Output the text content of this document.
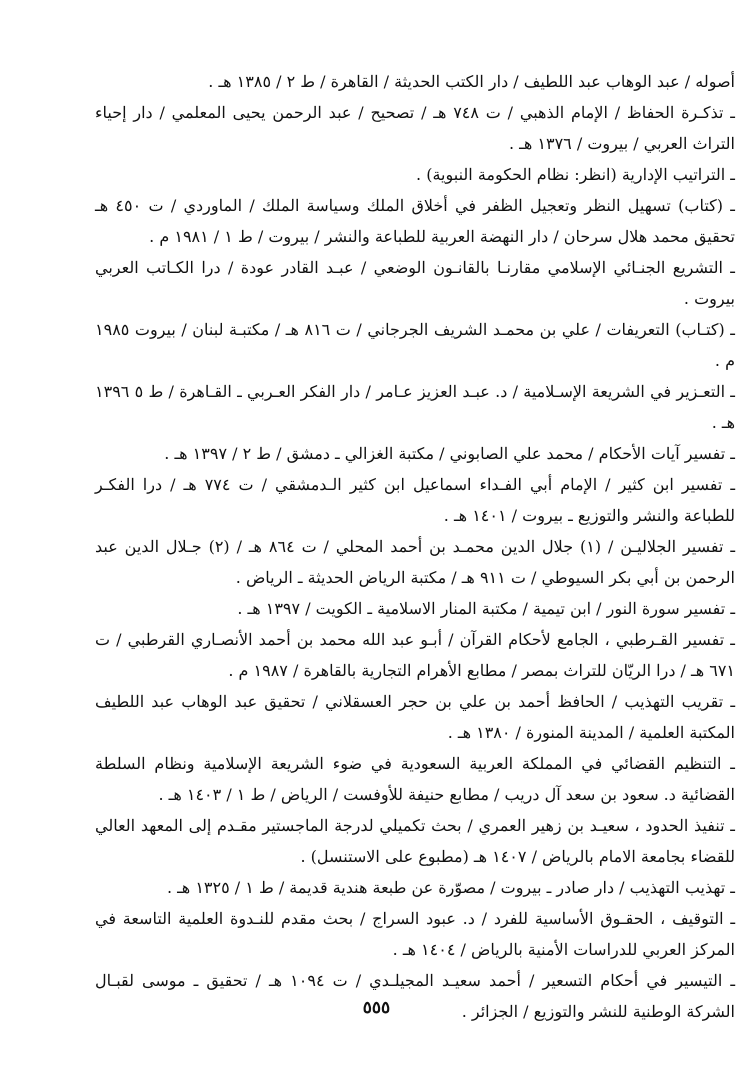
أصوله / عبد الوهاب عبد اللطيف / دار الكتب الحديثة / القاهرة / ط ٢ / ١٣٨٥ هـ .

ـ تذكـرة الحفاظ / الإمام الذهبي / ت ٧٤٨ هـ / تصحيح / عبد الرحمن يحيى المعلمي / دار إحياء التراث العربي / بيروت / ١٣٧٦ هـ .

ـ التراتيب الإدارية (انظر: نظام الحكومة النبوية) .

ـ (كتاب) تسهيل النظر وتعجيل الظفر في أخلاق الملك وسياسة الملك / الماوردي / ت ٤٥٠ هـ تحقيق محمد هلال سرحان / دار النهضة العربية للطباعة والنشر / بيروت / ط ١ / ١٩٨١ م .

ـ التشريع الجنـائي الإسلامي مقارنـا بالقانـون الوضعي / عبـد القادر عودة / درا الكـاتب العربي بيروت .

ـ (كتـاب) التعريفات / علي بن محمـد الشريف الجرجاني / ت ٨١٦ هـ / مكتبـة لبنان / بيروت ١٩٨٥ م .

ـ التعـزير في الشريعة الإسـلامية / د. عبـد العزيز عـامر / دار الفكر العـربي ـ القـاهرة / ط ٥ ١٣٩٦ هـ .

ـ تفسير آيات الأحكام / محمد علي الصابوني / مكتبة الغزالي ـ دمشق / ط ٢ / ١٣٩٧ هـ .

ـ تفسير ابن كثير / الإمام أبي الفـداء اسماعيل ابن كثير الـدمشقي / ت ٧٧٤ هـ / درا الفكـر للطباعة والنشر والتوزيع ـ بيروت / ١٤٠١ هـ .

ـ تفسير الجلاليـن / (١) جلال الدين محمـد بن أحمد المحلي / ت ٨٦٤ هـ / (٢) جـلال الدين عبد الرحمن بن أبي بكر السيوطي / ت ٩١١ هـ / مكتبة الرياض الحديثة ـ الرياض .

ـ تفسير سورة النور / ابن تيمية / مكتبة المنار الاسلامية ـ الكويت / ١٣٩٧ هـ .

ـ تفسير القـرطبي ، الجامع لأحكام القرآن / أبـو عبد الله محمد بن أحمد الأنصـاري القرطبي / ت ٦٧١ هـ / درا الريّان للتراث بمصر / مطابع الأهرام التجارية بالقاهرة / ١٩٨٧ م .

ـ تقريب التهذيب / الحافظ أحمد بن علي بن حجر العسقلاني / تحقيق عبد الوهاب عبد اللطيف المكتبة العلمية / المدينة المنورة / ١٣٨٠ هـ .

ـ التنظيم القضائي في المملكة العربية السعودية في ضوء الشريعة الإسلامية ونظام السلطة القضائية د. سعود بن سعد آل دريب / مطابع حنيفة للأوفست / الرياض / ط ١ / ١٤٠٣ هـ .

ـ تنفيذ الحدود ، سعيـد بن زهير العمري / بحث تكميلي لدرجة الماجستير مقـدم إلى المعهد العالي للقضاء بجامعة الامام بالرياض / ١٤٠٧ هـ (مطبوع على الاستنسل) .

ـ تهذيب التهذيب / دار صادر ـ بيروت / مصوّرة عن طبعة هندية قديمة / ط ١ / ١٣٢٥ هـ .

ـ التوقيف ، الحقـوق الأساسية للفرد / د. عبود السراج / بحث مقدم للنـدوة العلمية التاسعة في المركز العربي للدراسات الأمنية بالرياض / ١٤٠٤ هـ .

ـ التيسير في أحكام التسعير / أحمد سعيـد المجيلـدي / ت ١٠٩٤ هـ / تحقيق ـ موسى لقبـال الشركة الوطنية للنشر والتوزيع / الجزائر .

٥٥٥
